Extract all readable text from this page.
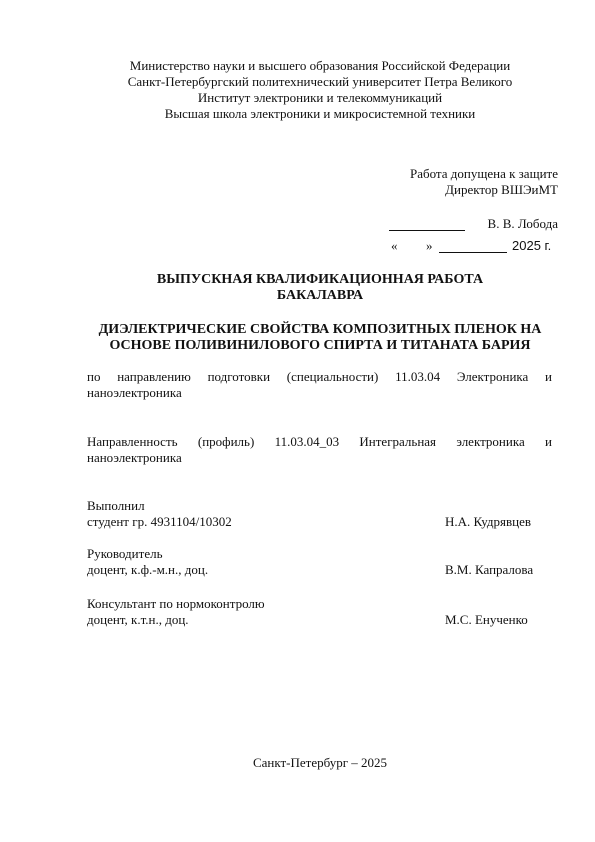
Министерство науки и высшего образования Российской Федерации
Санкт-Петербургский политехнический университет Петра Великого
Институт электроники и телекоммуникаций
Высшая школа электроники и микросистемной техники
Работа допущена к защите
Директор ВШЭиМТ
В. В. Лобода
« »	2025 г.
ВЫПУСКНАЯ КВАЛИФИКАЦИОННАЯ РАБОТА
БАКАЛАВРА
ДИЭЛЕКТРИЧЕСКИЕ СВОЙСТВА КОМПОЗИТНЫХ ПЛЕНОК НА
ОСНОВЕ ПОЛИВИНИЛОВОГО СПИРТА И ТИТАНАТА БАРИЯ
по направлению подготовки (специальности) 11.03.04 Электроника и
наноэлектроника
Направленность (профиль) 11.03.04_03 Интегральная электроника и
наноэлектроника
Выполнил
студент гр. 4931104/10302	Н.А. Кудрявцев
Руководитель
доцент, к.ф.-м.н., доц.	В.М. Капралова
Консультант по нормоконтролю
доцент, к.т.н., доц.	М.С. Енученко
Санкт-Петербург – 2025
